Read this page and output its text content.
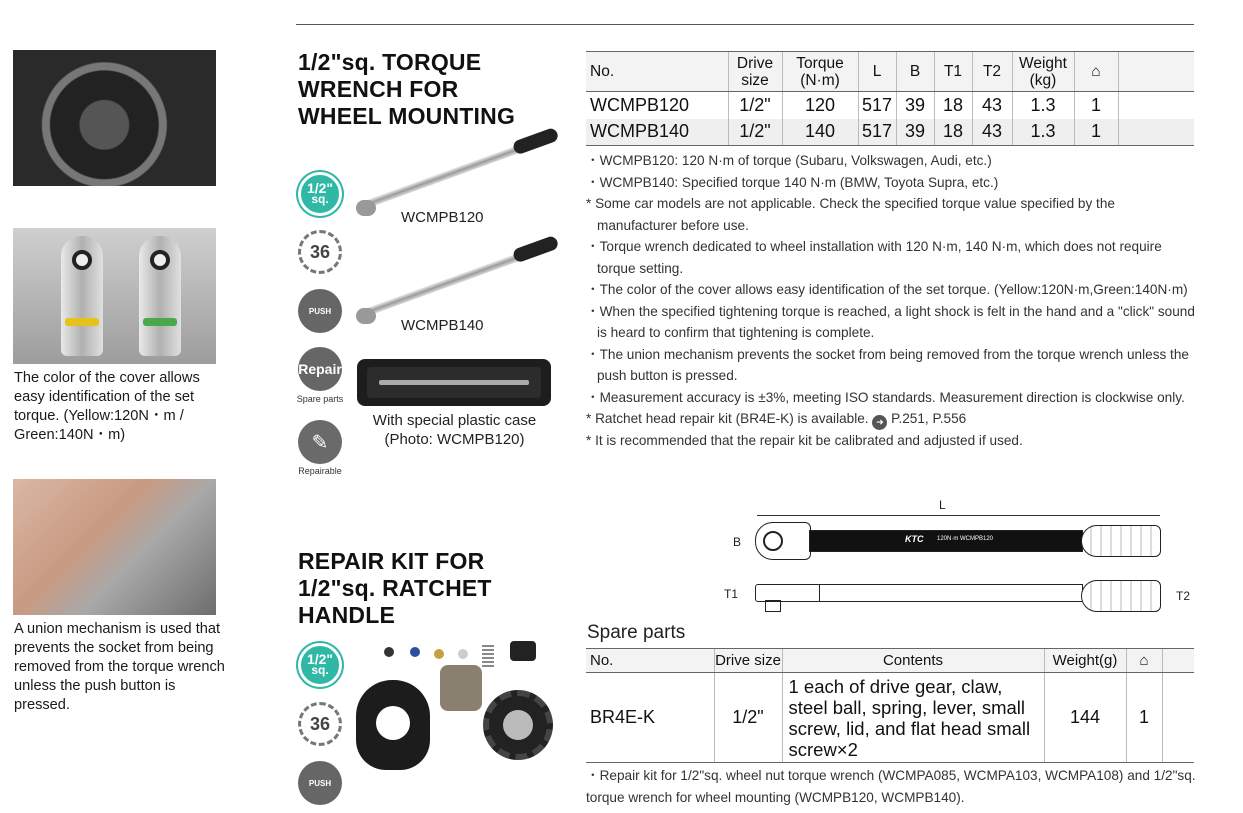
The color of the cover allows easy identification of the set torque. (Yellow:120N・m / Green:140N・m)
A union mechanism is used that prevents the socket from being removed from the torque wrench unless the push button is pressed.
1/2"sq. TORQUE WRENCH FOR WHEEL MOUNTING
1/2"
sq.
36
PUSH
Repair
Spare parts
✎
Repairable
WCMPB120
WCMPB140
With special plastic case
(Photo: WCMPB120)
No.	Drive size	Torque (N·m)	L	B	T1	T2	Weight (kg)	⌂	
WCMPB120	1/2"	120	517	39	18	43	1.3	1	
WCMPB140	1/2"	140	517	39	18	43	1.3	1	
・WCMPB120: 120 N·m of torque (Subaru, Volkswagen, Audi, etc.)
・WCMPB140: Specified torque 140 N·m (BMW, Toyota Supra, etc.)
* Some car models are not applicable. Check the specified torque value specified by the manufacturer before use.
・Torque wrench dedicated to wheel installation with 120 N·m, 140 N·m, which does not require torque setting.
・The color of the cover allows easy identification of the set torque. (Yellow:120N·m,Green:140N·m)
・When the specified tightening torque is reached, a light shock is felt in the hand and a "click" sound is heard to confirm that tightening is complete.
・The union mechanism prevents the socket from being removed from the torque wrench unless the push button is pressed.
・Measurement accuracy is ±3%, meeting ISO standards. Measurement direction is clockwise only.
* Ratchet head repair kit (BR4E-K) is available. ➜ P.251, P.556
* It is recommended that the repair kit be calibrated and adjusted if used.
L
B	KTC 120N·m WCMPB120
T1	T2
REPAIR KIT FOR 1/2"sq. RATCHET HANDLE
1/2"
sq.
36
PUSH
Spare parts
No.	Drive size	Contents	Weight(g)	⌂	
BR4E-K	1/2"	1 each of drive gear, claw, steel ball, spring, lever, small screw, lid, and flat head small screw×2	144	1	
・Repair kit for 1/2"sq. wheel nut torque wrench (WCMPA085, WCMPA103, WCMPA108) and 1/2"sq. torque wrench for wheel mounting (WCMPB120, WCMPB140).
